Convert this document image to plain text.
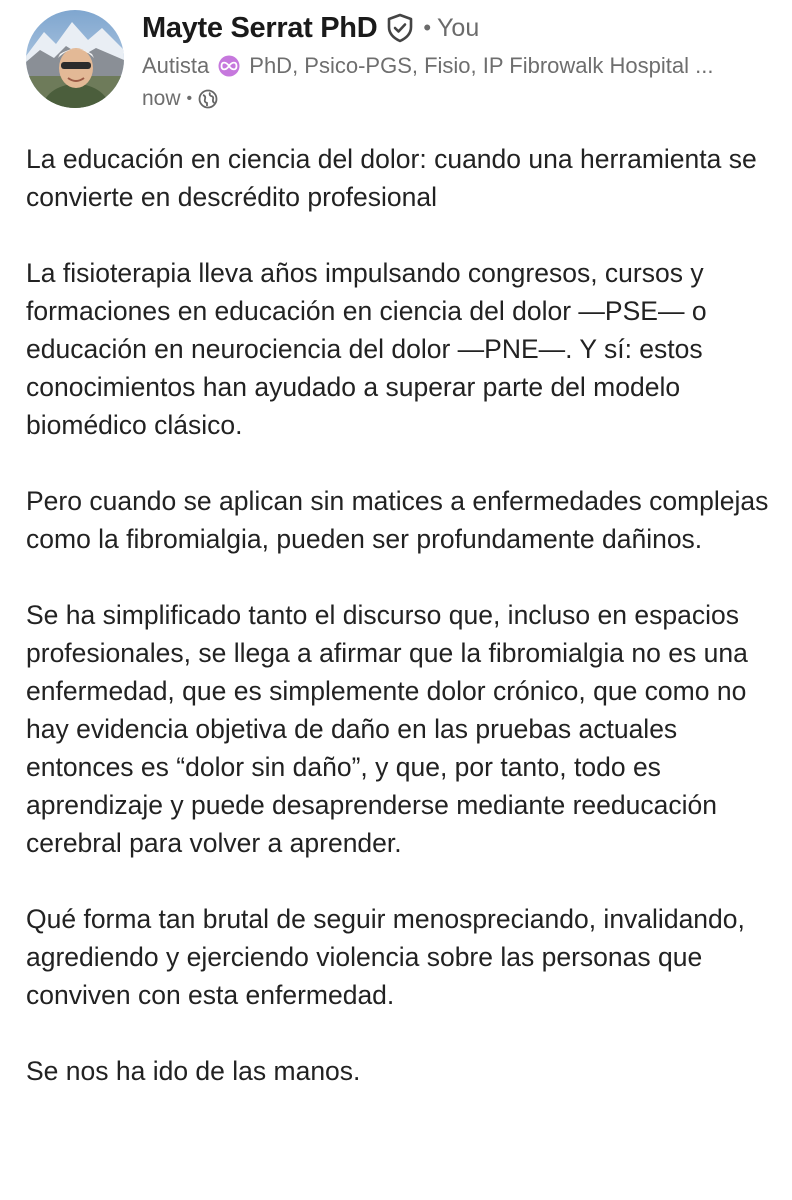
Mayte Serrat PhD • You
Autista PhD, Psico-PGS, Fisio, IP Fibrowalk Hospital ...
now •

La educación en ciencia del dolor: cuando una herramienta se convierte en descrédito profesional

La fisioterapia lleva años impulsando congresos, cursos y formaciones en educación en ciencia del dolor —PSE— o educación en neurociencia del dolor —PNE—. Y sí: estos conocimientos han ayudado a superar parte del modelo biomédico clásico.

Pero cuando se aplican sin matices a enfermedades complejas como la fibromialgia, pueden ser profundamente dañinos.

Se ha simplificado tanto el discurso que, incluso en espacios profesionales, se llega a afirmar que la fibromialgia no es una enfermedad, que es simplemente dolor crónico, que como no hay evidencia objetiva de daño en las pruebas actuales entonces es “dolor sin daño”, y que, por tanto, todo es aprendizaje y puede desaprenderse mediante reeducación cerebral para volver a aprender.

Qué forma tan brutal de seguir menospreciando, invalidando, agrediendo y ejerciendo violencia sobre las personas que conviven con esta enfermedad.

Se nos ha ido de las manos.
